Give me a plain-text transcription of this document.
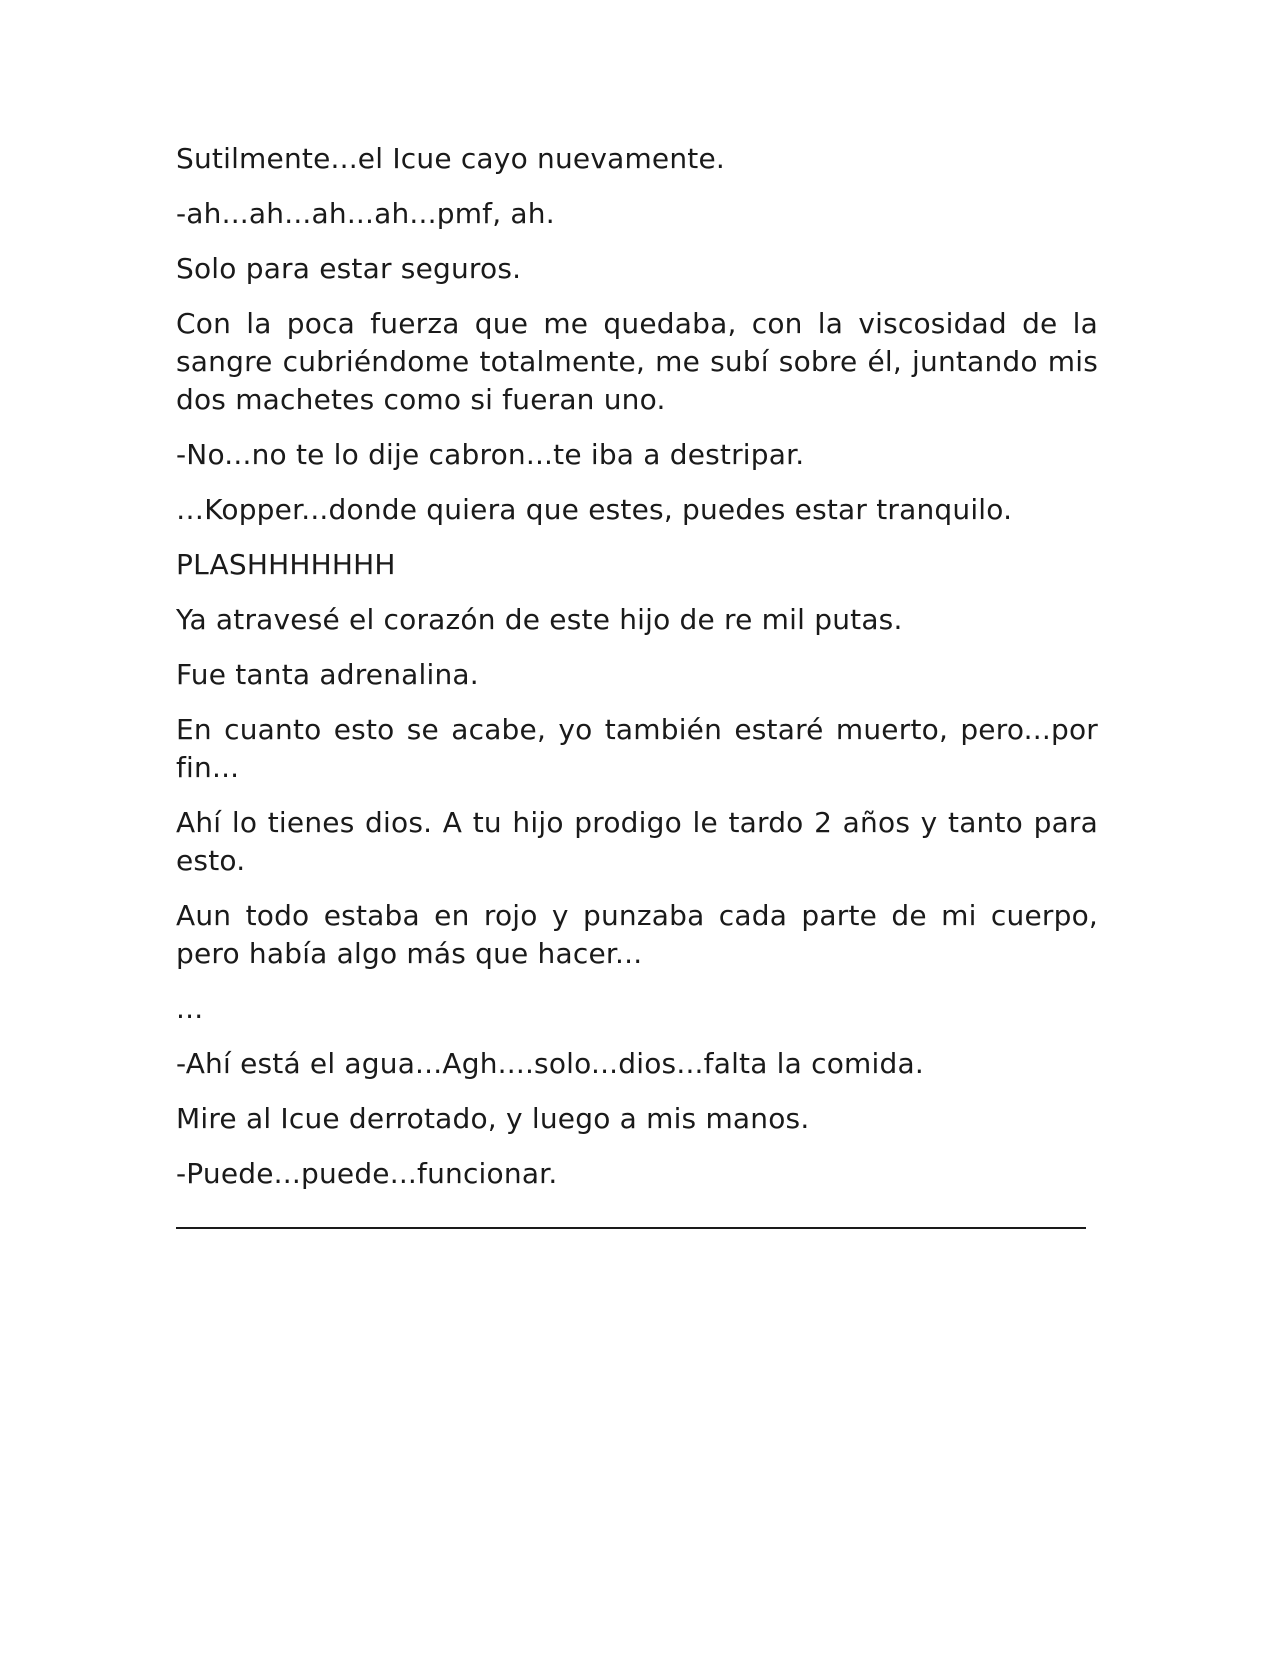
Sutilmente...el Icue cayo nuevamente.

-ah...ah...ah...ah...pmf, ah.

Solo para estar seguros.

Con la poca fuerza que me quedaba, con la viscosidad de la sangre cubriéndome totalmente, me subí sobre él, juntando mis dos machetes como si fueran uno.

-No...no te lo dije cabron...te iba a destripar.

…Kopper...donde quiera que estes, puedes estar tranquilo.

PLASHHHHHHH

Ya atravesé el corazón de este hijo de re mil putas.

Fue tanta adrenalina.

En cuanto esto se acabe, yo también estaré muerto, pero...por fin...

Ahí lo tienes dios. A tu hijo prodigo le tardo 2 años y tanto para esto.

Aun todo estaba en rojo y punzaba cada parte de mi cuerpo, pero había algo más que hacer...

...

-Ahí está el agua...Agh....solo...dios...falta la comida.

Mire al Icue derrotado, y luego a mis manos.

-Puede...puede...funcionar.
